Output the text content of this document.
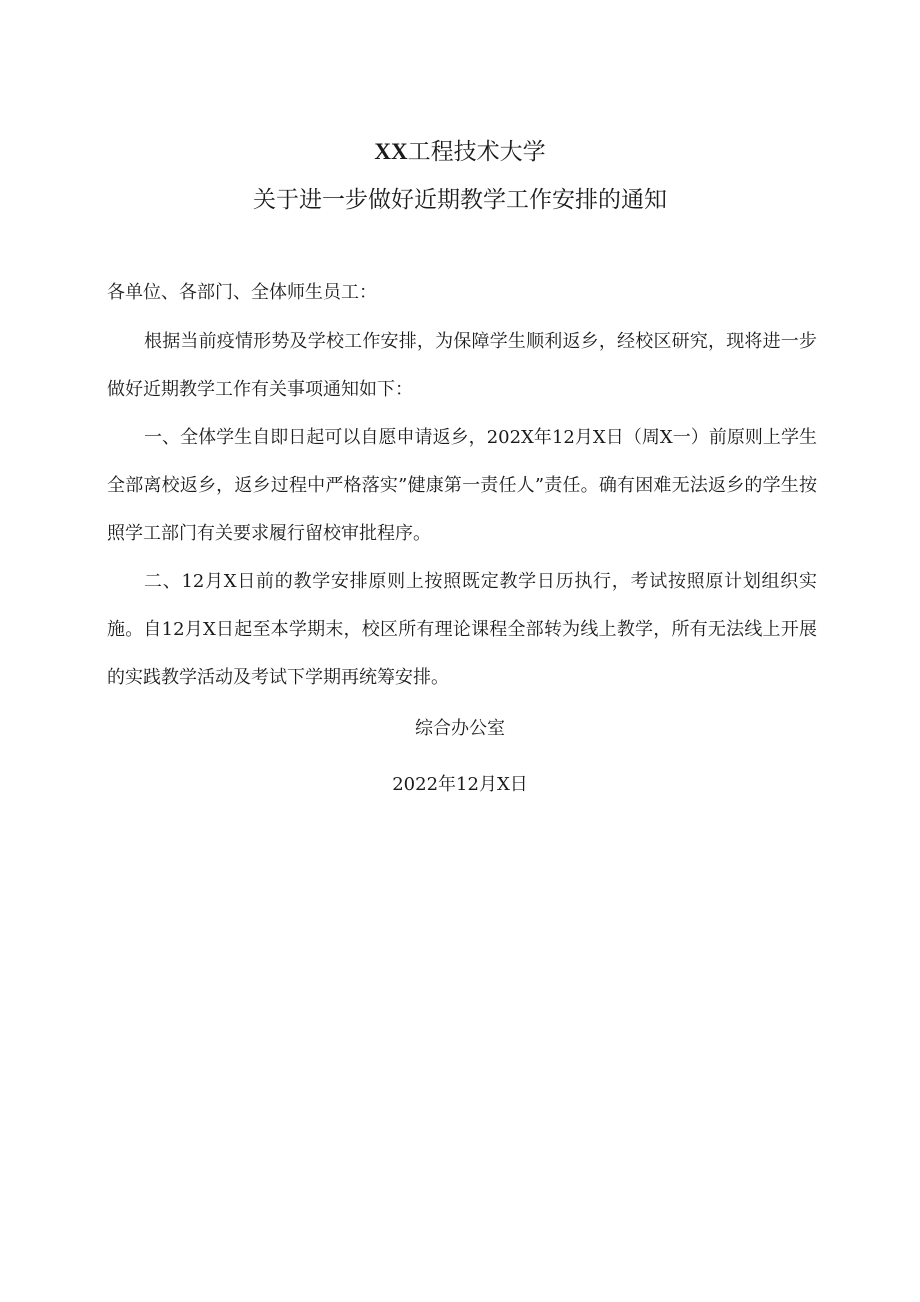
XX工程技术大学
关于进一步做好近期教学工作安排的通知
各单位、各部门、全体师生员工：

根据当前疫情形势及学校工作安排，为保障学生顺利返乡，经校区研究，现将进一步做好近期教学工作有关事项通知如下：

一、全体学生自即日起可以自愿申请返乡，202X年12月X日（周X一）前原则上学生全部离校返乡，返乡过程中严格落实”健康第一责任人”责任。确有困难无法返乡的学生按照学工部门有关要求履行留校审批程序。

二、12月X日前的教学安排原则上按照既定教学日历执行，考试按照原计划组织实施。自12月X日起至本学期末，校区所有理论课程全部转为线上教学，所有无法线上开展的实践教学活动及考试下学期再统筹安排。

综合办公室
2022年12月X日
